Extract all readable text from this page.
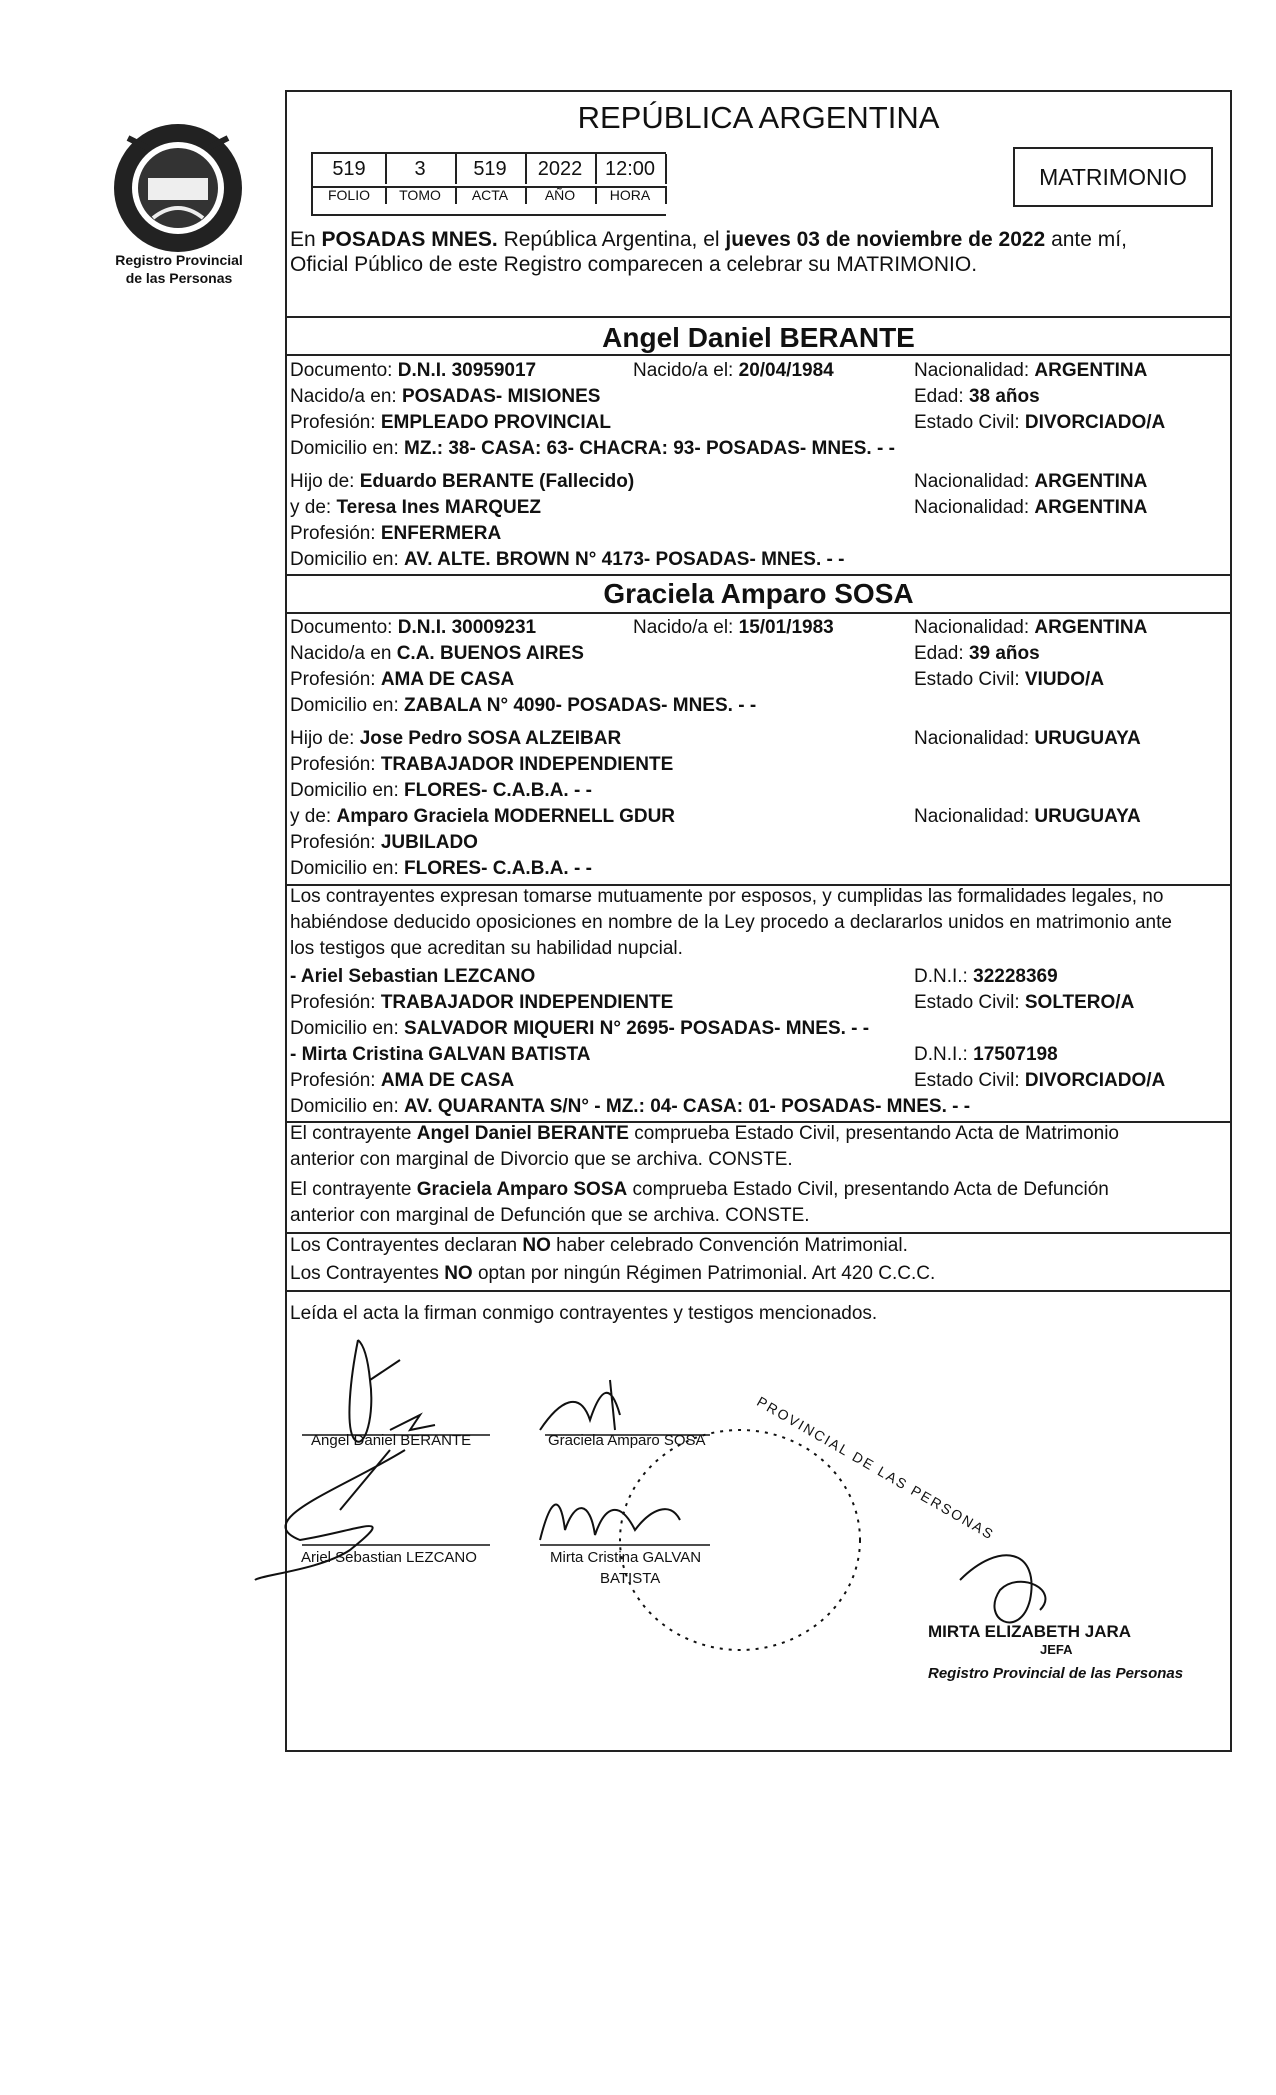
Registro Provincial
de las Personas
REPÚBLICA ARGENTINA
519	3	519	2022	12:00
FOLIO	TOMO	ACTA	AÑO	HORA
MATRIMONIO
En POSADAS MNES. República Argentina, el jueves 03 de noviembre de 2022 ante mí,
Oficial Público de este Registro comparecen a celebrar su MATRIMONIO.
Angel Daniel BERANTE
Documento: D.N.I. 30959017	Nacido/a el: 20/04/1984	Nacionalidad: ARGENTINA
Nacido/a en: POSADAS- MISIONES	Edad: 38 años
Profesión: EMPLEADO PROVINCIAL	Estado Civil: DIVORCIADO/A
Domicilio en: MZ.: 38- CASA: 63- CHACRA: 93- POSADAS- MNES. - -
Hijo de: Eduardo BERANTE (Fallecido)	Nacionalidad: ARGENTINA
y de: Teresa Ines MARQUEZ	Nacionalidad: ARGENTINA
Profesión: ENFERMERA
Domicilio en: AV. ALTE. BROWN N° 4173- POSADAS- MNES. - -
Graciela Amparo SOSA
Documento: D.N.I. 30009231	Nacido/a el: 15/01/1983	Nacionalidad: ARGENTINA
Nacido/a en C.A. BUENOS AIRES	Edad: 39 años
Profesión: AMA DE CASA	Estado Civil: VIUDO/A
Domicilio en: ZABALA N° 4090- POSADAS- MNES. - -
Hijo de: Jose Pedro SOSA ALZEIBAR	Nacionalidad: URUGUAYA
Profesión: TRABAJADOR INDEPENDIENTE
Domicilio en: FLORES- C.A.B.A. - -
y de: Amparo Graciela MODERNELL GDUR	Nacionalidad: URUGUAYA
Profesión: JUBILADO
Domicilio en: FLORES- C.A.B.A. - -
Los contrayentes expresan tomarse mutuamente por esposos, y cumplidas las formalidades legales, no
habiéndose deducido oposiciones en nombre de la Ley procedo a declararlos unidos en matrimonio ante
los testigos que acreditan su habilidad nupcial.
- Ariel Sebastian LEZCANO	D.N.I.: 32228369
Profesión: TRABAJADOR INDEPENDIENTE	Estado Civil: SOLTERO/A
Domicilio en: SALVADOR MIQUERI N° 2695- POSADAS- MNES. - -
- Mirta Cristina GALVAN BATISTA	D.N.I.: 17507198
Profesión: AMA DE CASA	Estado Civil: DIVORCIADO/A
Domicilio en: AV. QUARANTA S/N° - MZ.: 04- CASA: 01- POSADAS- MNES. - -
El contrayente Angel Daniel BERANTE comprueba Estado Civil, presentando Acta de Matrimonio
anterior con marginal de Divorcio que se archiva. CONSTE.
El contrayente Graciela Amparo SOSA comprueba Estado Civil, presentando Acta de Defunción
anterior con marginal de Defunción que se archiva. CONSTE.
Los Contrayentes declaran NO haber celebrado Convención Matrimonial.
Los Contrayentes NO optan por ningún Régimen Patrimonial. Art 420 C.C.C.
Leída el acta la firman conmigo contrayentes y testigos mencionados.
Angel Daniel BERANTE	Graciela Amparo SOSA
Ariel Sebastian LEZCANO	Mirta Cristina GALVAN
BATISTA
PROVINCIAL DE LAS PERSONAS
MIRTA ELIZABETH JARA
JEFA
Registro Provincial de las Personas
